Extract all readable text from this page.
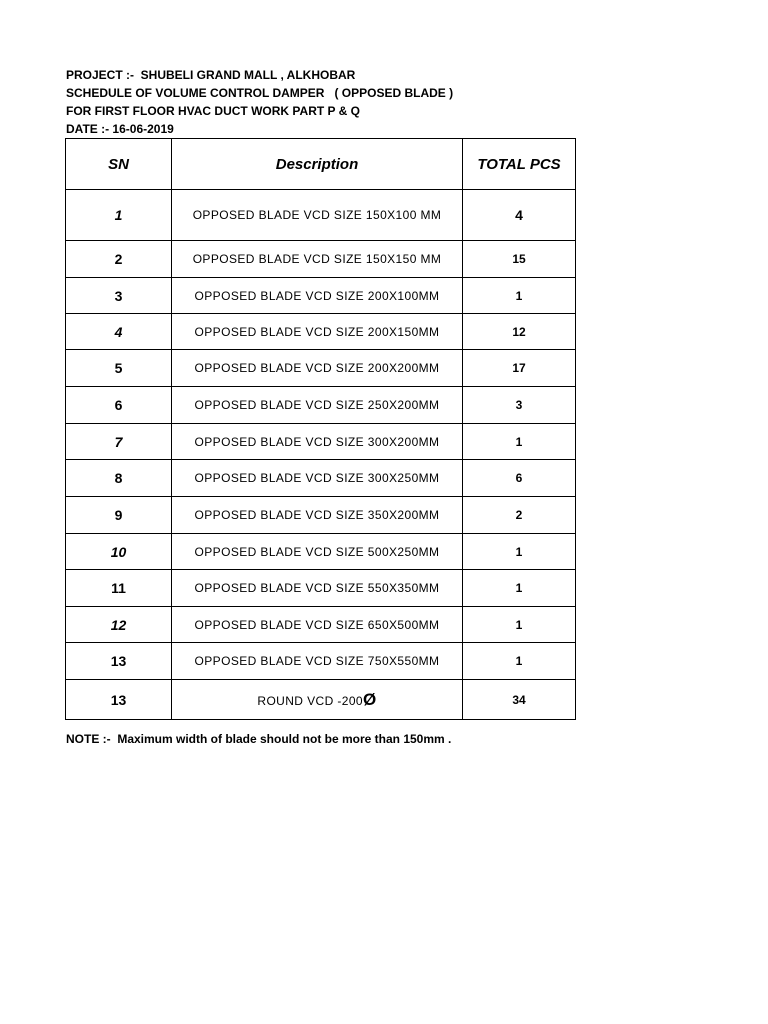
PROJECT :-  SHUBELI GRAND MALL , ALKHOBAR
SCHEDULE OF VOLUME CONTROL DAMPER   ( OPPOSED BLADE )
FOR FIRST FLOOR HVAC DUCT WORK PART P & Q
DATE :- 16-06-2019
SN	Description	TOTAL PCS
1	OPPOSED BLADE VCD SIZE 150X100 MM	4
2	OPPOSED BLADE VCD SIZE 150X150 MM	15
3	OPPOSED BLADE VCD SIZE 200X100MM	1
4	OPPOSED BLADE VCD SIZE 200X150MM	12
5	OPPOSED BLADE VCD SIZE 200X200MM	17
6	OPPOSED BLADE VCD SIZE 250X200MM	3
7	OPPOSED BLADE VCD SIZE 300X200MM	1
8	OPPOSED BLADE VCD SIZE 300X250MM	6
9	OPPOSED BLADE VCD SIZE 350X200MM	2
10	OPPOSED BLADE VCD SIZE 500X250MM	1
11	OPPOSED BLADE VCD SIZE 550X350MM	1
12	OPPOSED BLADE VCD SIZE 650X500MM	1
13	OPPOSED BLADE VCD SIZE 750X550MM	1
13	ROUND VCD -200Ø	34
NOTE :-  Maximum width of blade should not be more than 150mm .
